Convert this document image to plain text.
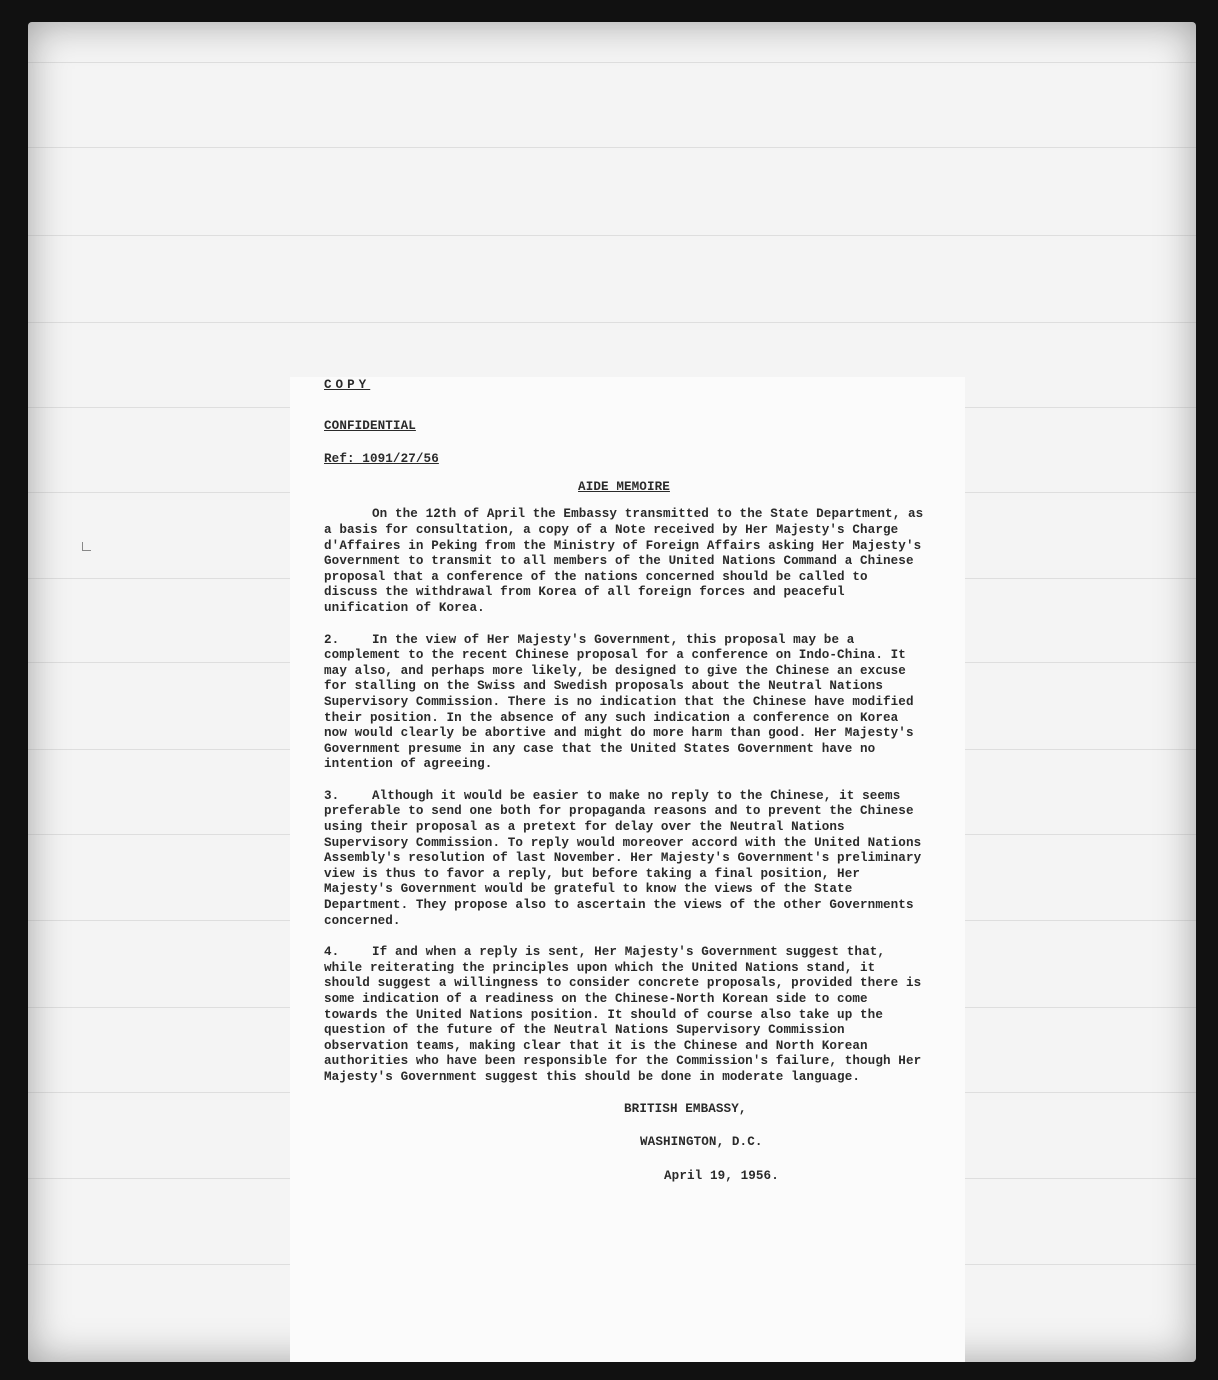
COPY

CONFIDENTIAL

Ref: 1091/27/56

AIDE MEMOIRE

On the 12th of April the Embassy transmitted to the State Department, as a basis for consultation, a copy of a Note received by Her Majesty's Charge d'Affaires in Peking from the Ministry of Foreign Affairs asking Her Majesty's Government to transmit to all members of the United Nations Command a Chinese proposal that a conference of the nations concerned should be called to discuss the withdrawal from Korea of all foreign forces and peaceful unification of Korea.

2.	In the view of Her Majesty's Government, this proposal may be a complement to the recent Chinese proposal for a conference on Indo-China. It may also, and perhaps more likely, be designed to give the Chinese an excuse for stalling on the Swiss and Swedish proposals about the Neutral Nations Supervisory Commission. There is no indication that the Chinese have modified their position. In the absence of any such indication a conference on Korea now would clearly be abortive and might do more harm than good. Her Majesty's Government presume in any case that the United States Government have no intention of agreeing.

3.	Although it would be easier to make no reply to the Chinese, it seems preferable to send one both for propaganda reasons and to prevent the Chinese using their proposal as a pretext for delay over the Neutral Nations Supervisory Commission. To reply would moreover accord with the United Nations Assembly's resolution of last November. Her Majesty's Government's preliminary view is thus to favor a reply, but before taking a final position, Her Majesty's Government would be grateful to know the views of the State Department. They propose also to ascertain the views of the other Governments concerned.

4.	If and when a reply is sent, Her Majesty's Government suggest that, while reiterating the principles upon which the United Nations stand, it should suggest a willingness to consider concrete proposals, provided there is some indication of a readiness on the Chinese-North Korean side to come towards the United Nations position. It should of course also take up the question of the future of the Neutral Nations Supervisory Commission observation teams, making clear that it is the Chinese and North Korean authorities who have been responsible for the Commission's failure, though Her Majesty's Government suggest this should be done in moderate language.

BRITISH EMBASSY,
WASHINGTON, D.C.
April 19, 1956.
